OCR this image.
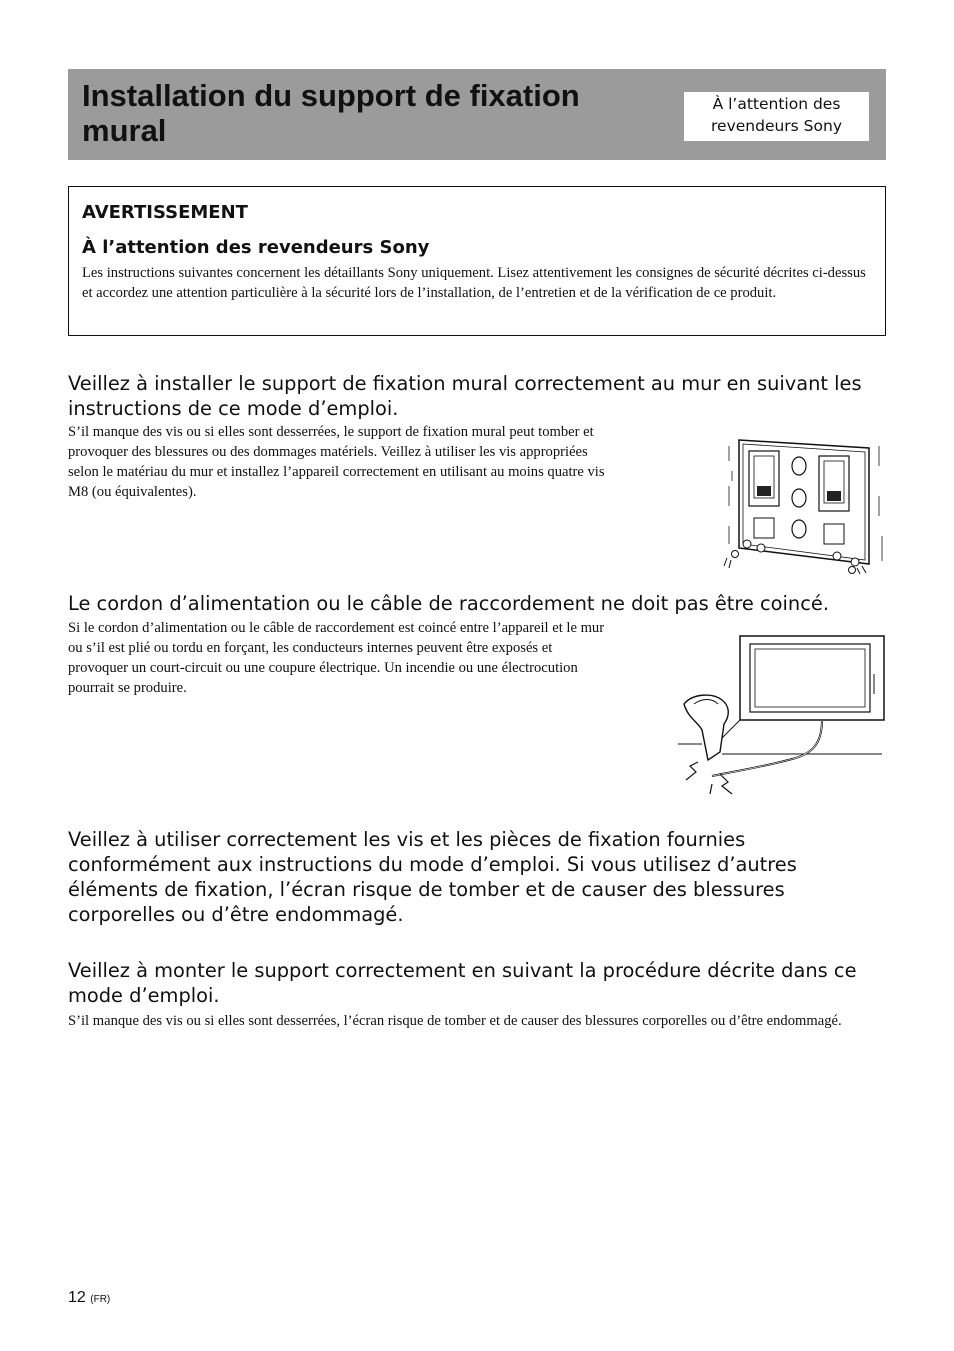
Installation du support de fixation mural
À l’attention des
revendeurs Sony
AVERTISSEMENT
À l’attention des revendeurs Sony
Les instructions suivantes concernent les détaillants Sony uniquement. Lisez attentivement les consignes de sécurité décrites ci-dessus et accordez une attention particulière à la sécurité lors de l’installation, de l’entretien et de la vérification de ce produit.
Veillez à installer le support de fixation mural correctement au mur en suivant les instructions de ce mode d’emploi.
S’il manque des vis ou si elles sont desserrées, le support de fixation mural peut tomber et provoquer des blessures ou des dommages matériels. Veillez à utiliser les vis appropriées selon le matériau du mur et installez l’appareil correctement en utilisant au moins quatre vis M8 (ou équivalentes).
Le cordon d’alimentation ou le câble de raccordement ne doit pas être coincé.
Si le cordon d’alimentation ou le câble de raccordement est coincé entre l’appareil et le mur ou s’il est plié ou tordu en forçant, les conducteurs internes peuvent être exposés et provoquer un court-circuit ou une coupure électrique. Un incendie ou une électrocution pourrait se produire.
Veillez à utiliser correctement les vis et les pièces de fixation fournies conformément aux instructions du mode d’emploi. Si vous utilisez d’autres éléments de fixation, l’écran risque de tomber et de causer des blessures corporelles ou d’être endommagé.
Veillez à monter le support correctement en suivant la procédure décrite dans ce mode d’emploi.
S’il manque des vis ou si elles sont desserrées, l’écran risque de tomber et de causer des blessures corporelles ou d’être endommagé.
12 (FR)
